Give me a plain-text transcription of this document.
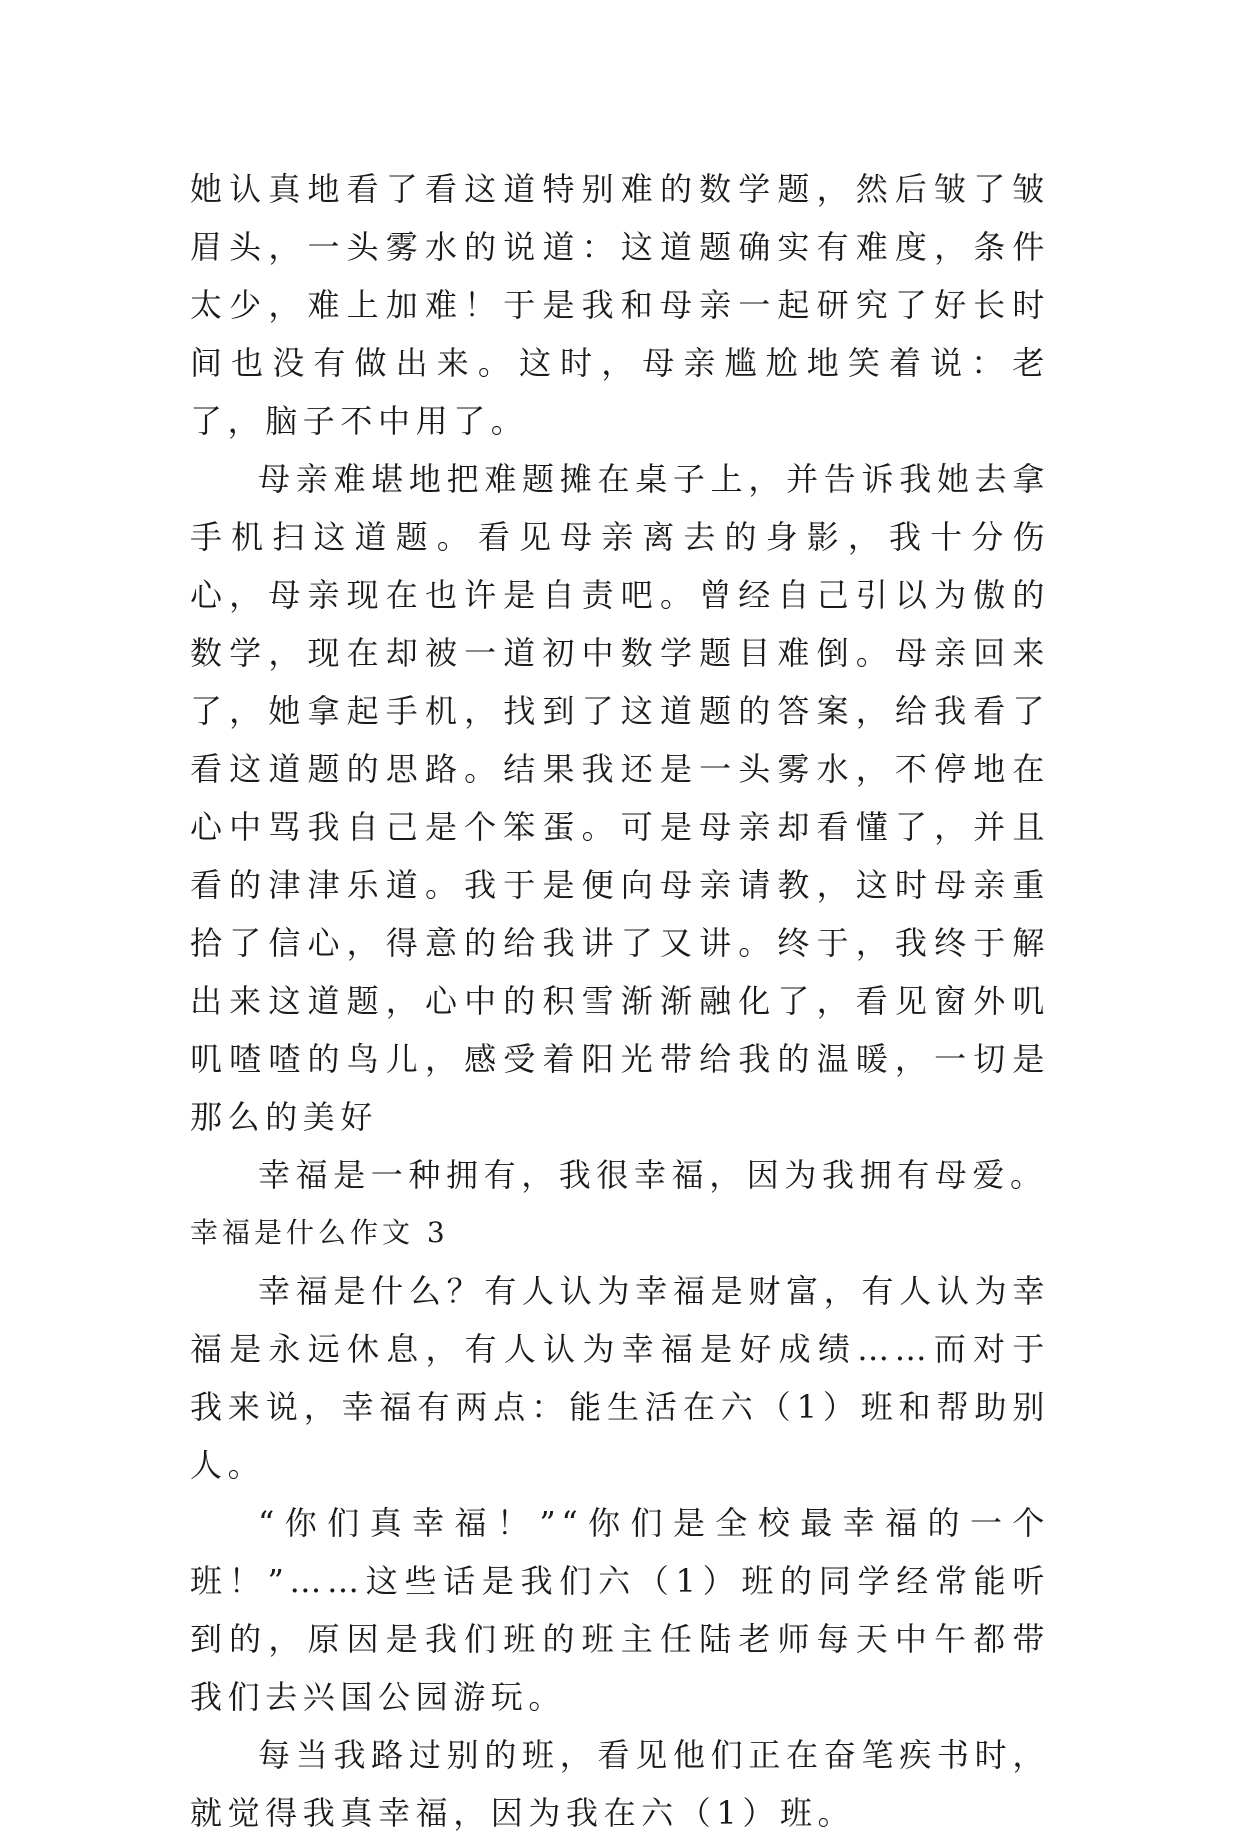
她认真地看了看这道特别难的数学题，然后皱了皱眉头，一头雾水的说道：这道题确实有难度，条件太少，难上加难！于是我和母亲一起研究了好长时间也没有做出来。这时，母亲尴尬地笑着说：老了，脑子不中用了。

母亲难堪地把难题摊在桌子上，并告诉我她去拿手机扫这道题。看见母亲离去的身影，我十分伤心，母亲现在也许是自责吧。曾经自己引以为傲的数学，现在却被一道初中数学题目难倒。母亲回来了，她拿起手机，找到了这道题的答案，给我看了看这道题的思路。结果我还是一头雾水，不停地在心中骂我自己是个笨蛋。可是母亲却看懂了，并且看的津津乐道。我于是便向母亲请教，这时母亲重拾了信心，得意的给我讲了又讲。终于，我终于解出来这道题，心中的积雪渐渐融化了，看见窗外叽叽喳喳的鸟儿，感受着阳光带给我的温暖，一切是那么的美好

幸福是一种拥有，我很幸福，因为我拥有母爱。

幸福是什么作文 3

幸福是什么？有人认为幸福是财富，有人认为幸福是永远休息，有人认为幸福是好成绩……而对于我来说，幸福有两点：能生活在六（1）班和帮助别人。

“你们真幸福！”“你们是全校最幸福的一个班！”……这些话是我们六（1）班的同学经常能听到的，原因是我们班的班主任陆老师每天中午都带我们去兴国公园游玩。

每当我路过别的班，看见他们正在奋笔疾书时，就觉得我真幸福，因为我在六（1）班。
